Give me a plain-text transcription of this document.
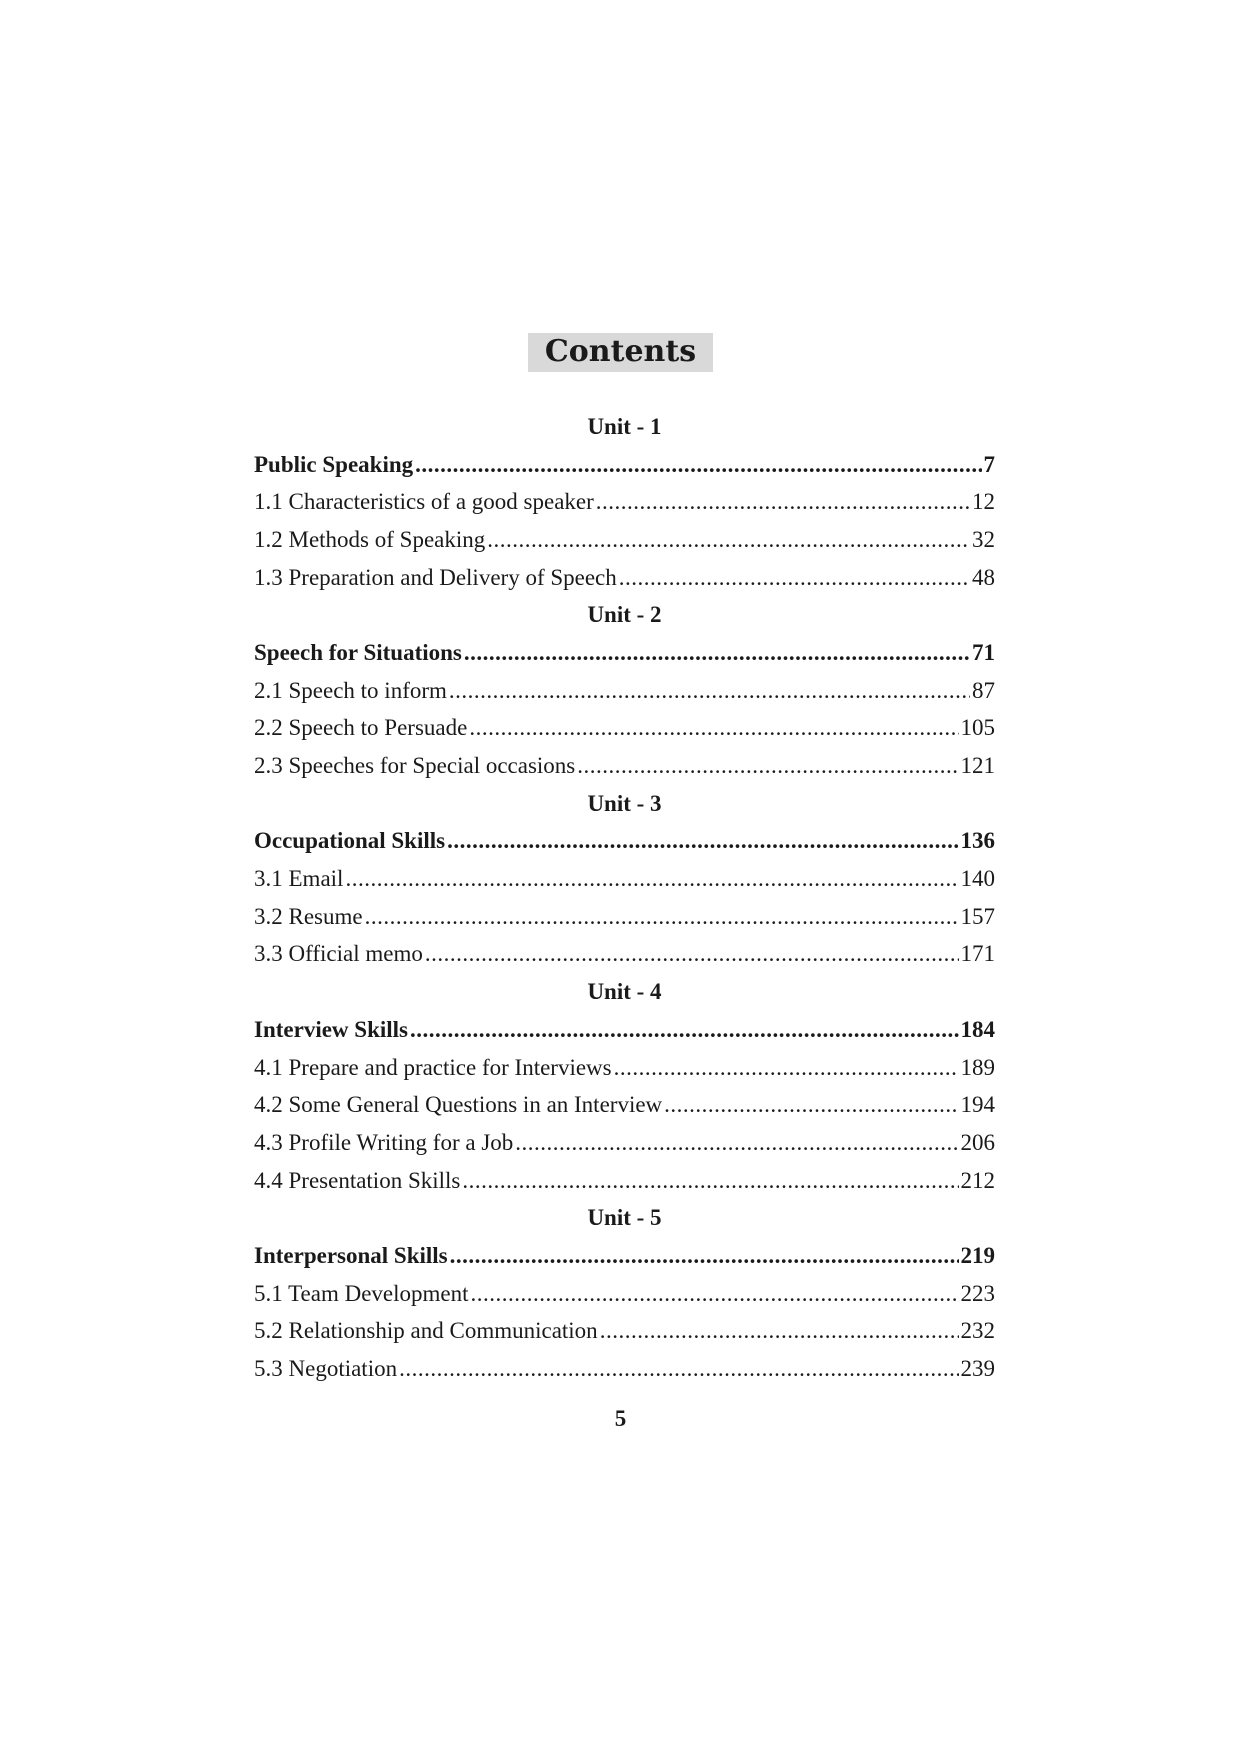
Contents
Unit - 1
Public Speaking .....	7
1.1 Characteristics of a good speaker .....	12
1.2 Methods of Speaking .....	32
1.3 Preparation and Delivery of Speech .....	48
Unit - 2
Speech for Situations .....	71
2.1 Speech to inform .....	87
2.2 Speech to Persuade .....	105
2.3 Speeches for Special occasions .....	121
Unit - 3
Occupational Skills .....	136
3.1 Email .....	140
3.2 Resume .....	157
3.3 Official memo .....	171
Unit - 4
Interview Skills .....	184
4.1 Prepare and practice for Interviews .....	189
4.2 Some General Questions in an Interview .....	194
4.3 Profile Writing for a Job .....	206
4.4 Presentation Skills .....	212
Unit - 5
Interpersonal Skills .....	219
5.1 Team Development .....	223
5.2 Relationship and Communication .....	232
5.3 Negotiation .....	239
5
